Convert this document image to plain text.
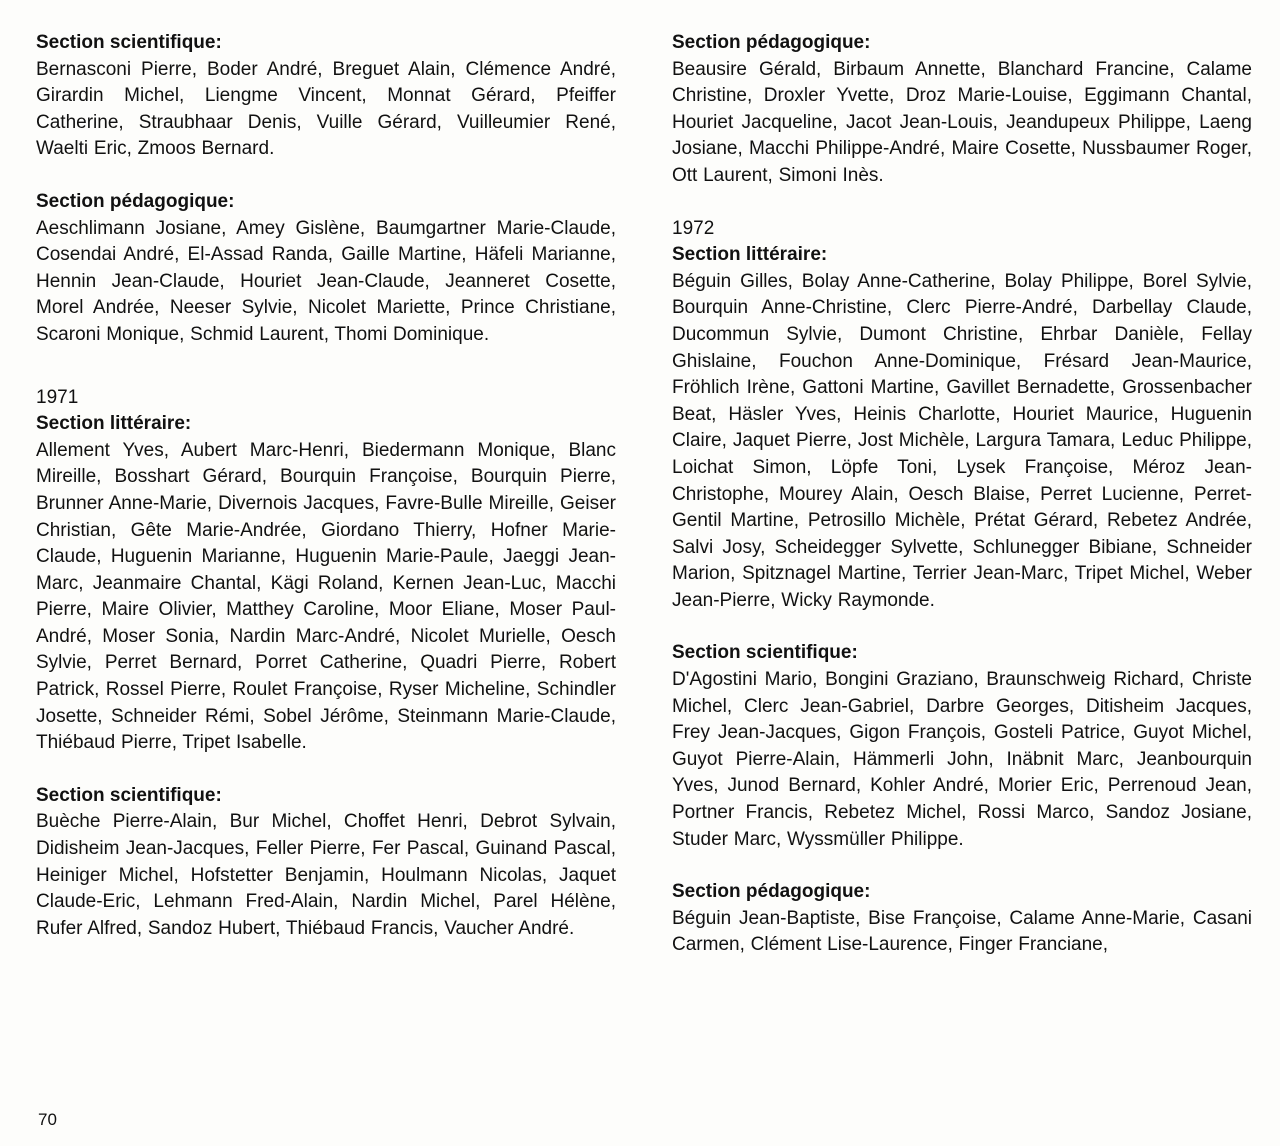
Section scientifique:
Bernasconi Pierre, Boder André, Breguet Alain, Clémence André, Girardin Michel, Liengme Vincent, Monnat Gérard, Pfeiffer Catherine, Straubhaar Denis, Vuille Gérard, Vuilleumier René, Waelti Eric, Zmoos Bernard.
Section pédagogique:
Aeschlimann Josiane, Amey Gislène, Baumgartner Marie-Claude, Cosendai André, El-Assad Randa, Gaille Martine, Häfeli Marianne, Hennin Jean-Claude, Houriet Jean-Claude, Jeanneret Cosette, Morel Andrée, Neeser Sylvie, Nicolet Mariette, Prince Christiane, Scaroni Monique, Schmid Laurent, Thomi Dominique.
1971
Section littéraire:
Allement Yves, Aubert Marc-Henri, Biedermann Monique, Blanc Mireille, Bosshart Gérard, Bourquin Françoise, Bourquin Pierre, Brunner Anne-Marie, Divernois Jacques, Favre-Bulle Mireille, Geiser Christian, Gête Marie-Andrée, Giordano Thierry, Hofner Marie-Claude, Huguenin Marianne, Huguenin Marie-Paule, Jaeggi Jean-Marc, Jeanmaire Chantal, Kägi Roland, Kernen Jean-Luc, Macchi Pierre, Maire Olivier, Matthey Caroline, Moor Eliane, Moser Paul-André, Moser Sonia, Nardin Marc-André, Nicolet Murielle, Oesch Sylvie, Perret Bernard, Porret Catherine, Quadri Pierre, Robert Patrick, Rossel Pierre, Roulet Françoise, Ryser Micheline, Schindler Josette, Schneider Rémi, Sobel Jérôme, Steinmann Marie-Claude, Thiébaud Pierre, Tripet Isabelle.
Section scientifique:
Buèche Pierre-Alain, Bur Michel, Choffet Henri, Debrot Sylvain, Didisheim Jean-Jacques, Feller Pierre, Fer Pascal, Guinand Pascal, Heiniger Michel, Hofstetter Benjamin, Houlmann Nicolas, Jaquet Claude-Eric, Lehmann Fred-Alain, Nardin Michel, Parel Hélène, Rufer Alfred, Sandoz Hubert, Thiébaud Francis, Vaucher André.
Section pédagogique:
Beausire Gérald, Birbaum Annette, Blanchard Francine, Calame Christine, Droxler Yvette, Droz Marie-Louise, Eggimann Chantal, Houriet Jacqueline, Jacot Jean-Louis, Jeandupeux Philippe, Laeng Josiane, Macchi Philippe-André, Maire Cosette, Nussbaumer Roger, Ott Laurent, Simoni Inès.
1972
Section littéraire:
Béguin Gilles, Bolay Anne-Catherine, Bolay Philippe, Borel Sylvie, Bourquin Anne-Christine, Clerc Pierre-André, Darbellay Claude, Ducommun Sylvie, Dumont Christine, Ehrbar Danièle, Fellay Ghislaine, Fouchon Anne-Dominique, Frésard Jean-Maurice, Fröhlich Irène, Gattoni Martine, Gavillet Bernadette, Grossenbacher Beat, Häsler Yves, Heinis Charlotte, Houriet Maurice, Huguenin Claire, Jaquet Pierre, Jost Michèle, Largura Tamara, Leduc Philippe, Loichat Simon, Löpfe Toni, Lysek Françoise, Méroz Jean-Christophe, Mourey Alain, Oesch Blaise, Perret Lucienne, Perret-Gentil Martine, Petrosillo Michèle, Prétat Gérard, Rebetez Andrée, Salvi Josy, Scheidegger Sylvette, Schlunegger Bibiane, Schneider Marion, Spitznagel Martine, Terrier Jean-Marc, Tripet Michel, Weber Jean-Pierre, Wicky Raymonde.
Section scientifique:
D'Agostini Mario, Bongini Graziano, Braunschweig Richard, Christe Michel, Clerc Jean-Gabriel, Darbre Georges, Ditisheim Jacques, Frey Jean-Jacques, Gigon François, Gosteli Patrice, Guyot Michel, Guyot Pierre-Alain, Hämmerli John, Inäbnit Marc, Jeanbourquin Yves, Junod Bernard, Kohler André, Morier Eric, Perrenoud Jean, Portner Francis, Rebetez Michel, Rossi Marco, Sandoz Josiane, Studer Marc, Wyssmüller Philippe.
Section pédagogique:
Béguin Jean-Baptiste, Bise Françoise, Calame Anne-Marie, Casani Carmen, Clément Lise-Laurence, Finger Franciane,
70
